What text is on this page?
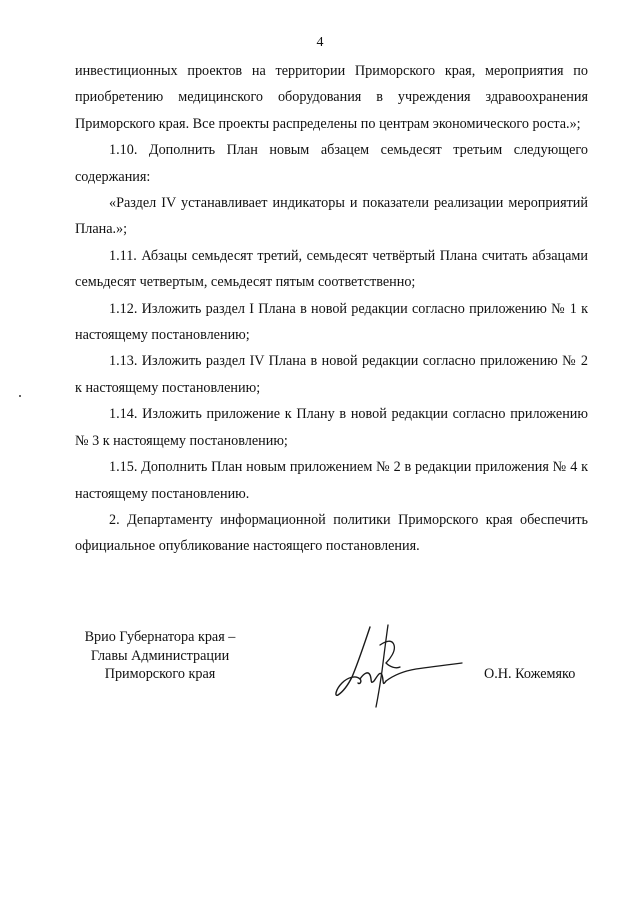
4

инвестиционных проектов на территории Приморского края, мероприятия по приобретению медицинского оборудования в учреждения здравоохранения Приморского края. Все проекты распределены по центрам экономического роста.»;

1.10. Дополнить План новым абзацем семьдесят третьим следующего содержания:

«Раздел IV устанавливает индикаторы и показатели реализации мероприятий Плана.»;

1.11. Абзацы семьдесят третий, семьдесят четвёртый Плана считать абзацами семьдесят четвертым, семьдесят пятым соответственно;

1.12. Изложить раздел I Плана в новой редакции согласно приложению № 1 к настоящему постановлению;

1.13. Изложить раздел IV Плана в новой редакции согласно приложению № 2 к настоящему постановлению;

1.14. Изложить приложение к Плану в новой редакции согласно приложению № 3 к настоящему постановлению;

1.15. Дополнить План новым приложением № 2 в редакции приложения № 4 к настоящему постановлению.

2. Департаменту информационной политики Приморского края обеспечить официальное опубликование настоящего постановления.

Врио Губернатора края –
Главы Администрации
Приморского края	О.Н. Кожемяко
